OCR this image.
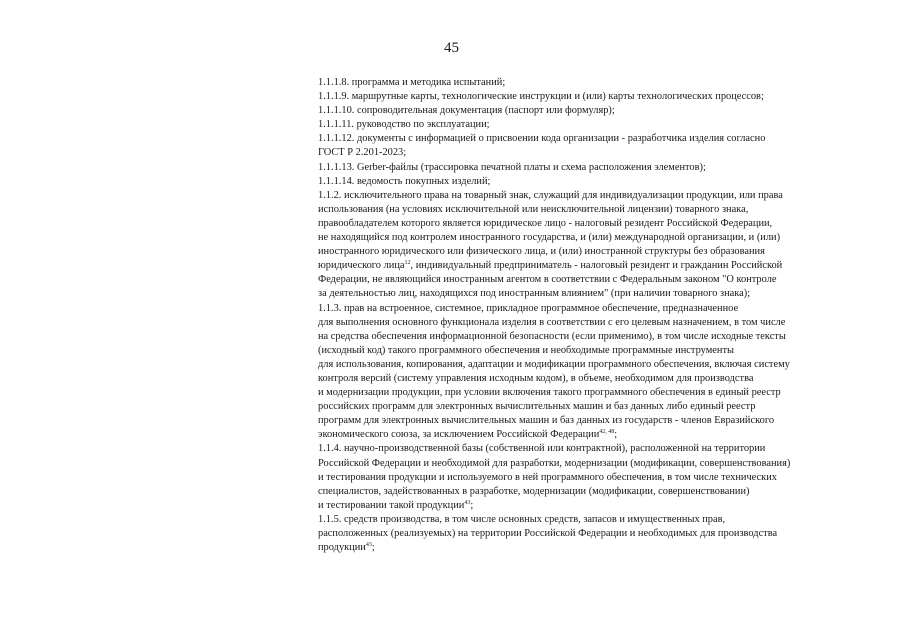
45
1.1.1.8. программа и методика испытаний;
1.1.1.9. маршрутные карты, технологические инструкции и (или) карты технологических процессов;
1.1.1.10. сопроводительная документация (паспорт или формуляр);
1.1.1.11. руководство по эксплуатации;
1.1.1.12. документы с информацией о присвоении кода организации - разработчика изделия согласно
ГОСТ Р 2.201-2023;
1.1.1.13. Gerber-файлы (трассировка печатной платы и схема расположения элементов);
1.1.1.14. ведомость покупных изделий;
1.1.2. исключительного права на товарный знак, служащий для индивидуализации продукции, или права
использования (на условиях исключительной или неисключительной лицензии) товарного знака,
правообладателем которого является юридическое лицо - налоговый резидент Российской Федерации,
не находящийся под контролем иностранного государства, и (или) международной организации, и (или)
иностранного юридического или физического лица, и (или) иностранной структуры без образования
юридического лица$^{12}$, индивидуальный предприниматель - налоговый резидент и гражданин Российской
Федерации, не являющийся иностранным агентом в соответствии с Федеральным законом "О контроле
за деятельностью лиц, находящихся под иностранным влиянием" (при наличии товарного знака);
1.1.3. прав на встроенное, системное, прикладное программное обеспечение, предназначенное
для выполнения основного функционала изделия в соответствии с его целевым назначением, в том числе
на средства обеспечения информационной безопасности (если применимо), в том числе исходные тексты
(исходный код) такого программного обеспечения и необходимые программные инструменты
для использования, копирования, адаптации и модификации программного обеспечения, включая систему
контроля версий (систему управления исходным кодом), в объеме, необходимом для производства
и модернизации продукции, при условии включения такого программного обеспечения в единый реестр
российских программ для электронных вычислительных машин и баз данных либо единый реестр
программ для электронных вычислительных машин и баз данных из государств - членов Евразийского
экономического союза, за исключением Российской Федерации$^{42, 48}$;
1.1.4. научно-производственной базы (собственной или контрактной), расположенной на территории
Российской Федерации и необходимой для разработки, модернизации (модификации, совершенствования)
и тестирования продукции и используемого в ней программного обеспечения, в том числе технических
специалистов, задействованных в разработке, модернизации (модификации, совершенствовании)
и тестировании такой продукции$^{43}$;
1.1.5. средств производства, в том числе основных средств, запасов и имущественных прав,
расположенных (реализуемых) на территории Российской Федерации и необходимых для производства
продукции$^{43}$;
